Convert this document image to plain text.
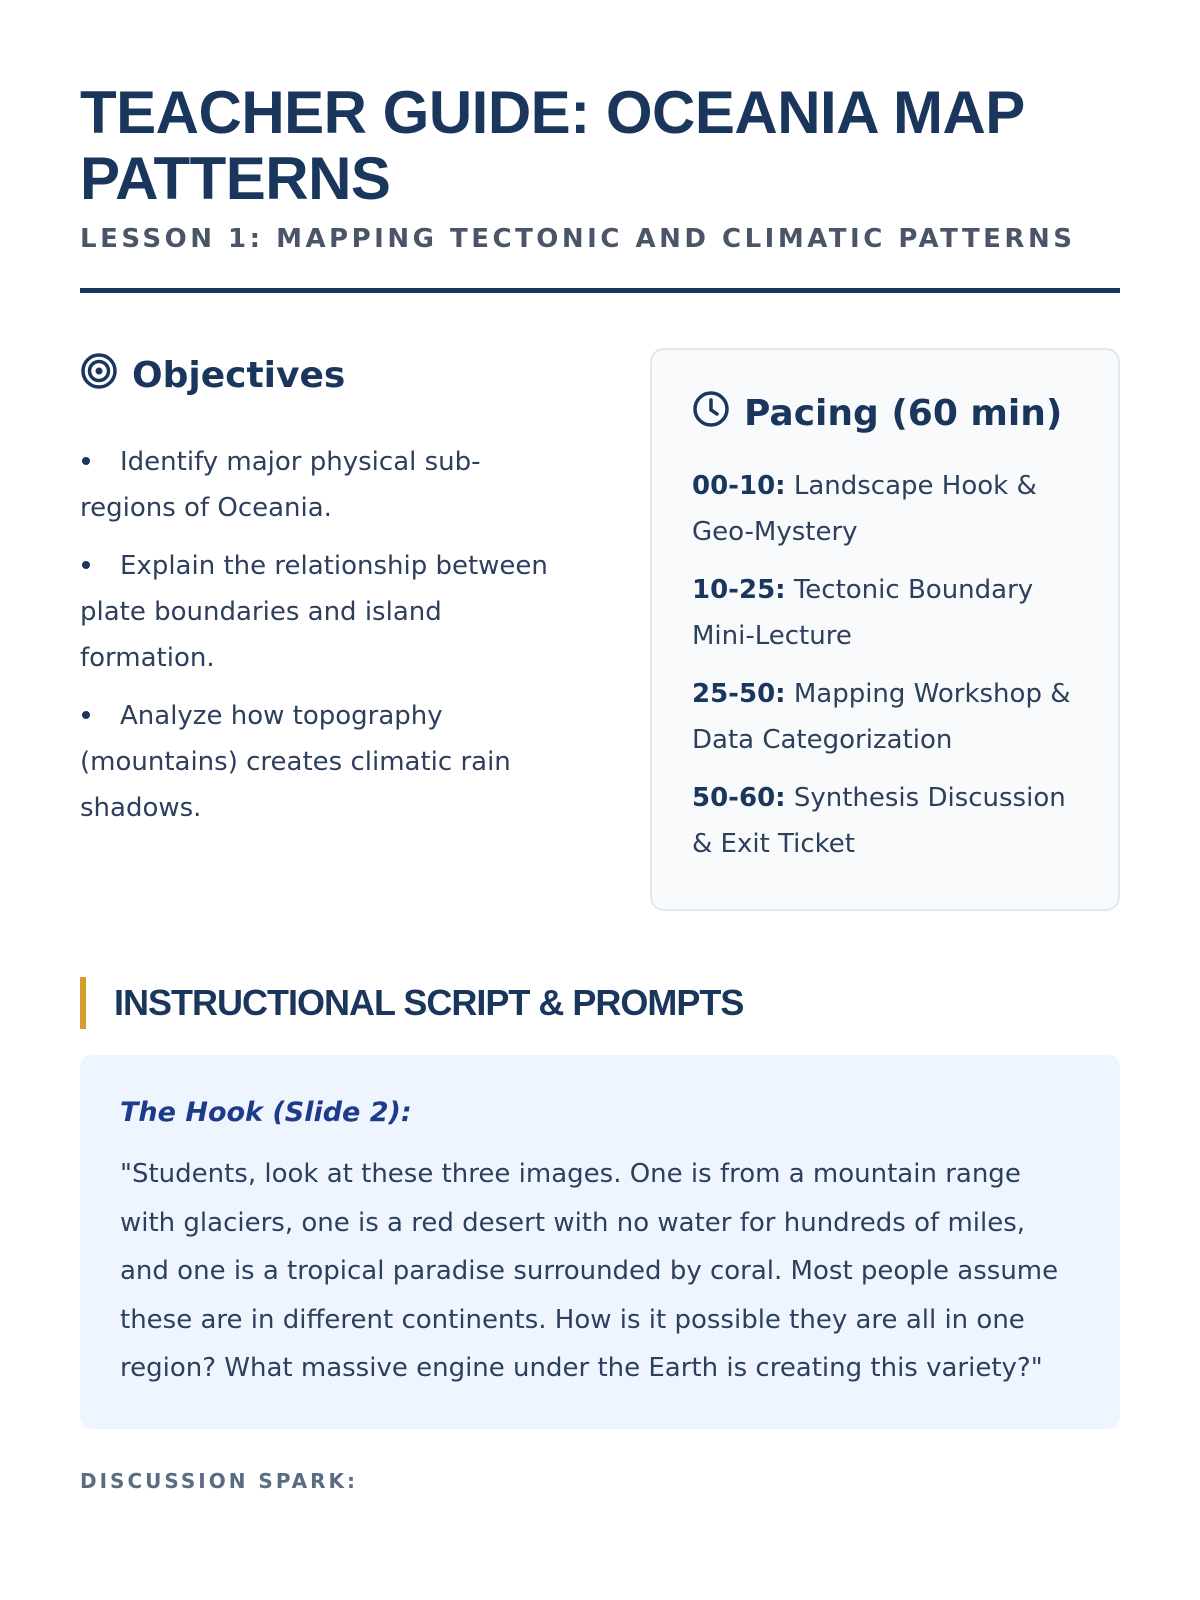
TEACHER GUIDE: OCEANIA MAP PATTERNS
LESSON 1: MAPPING TECTONIC AND CLIMATIC PATTERNS
Objectives
Identify major physical sub-regions of Oceania.
Explain the relationship between plate boundaries and island formation.
Analyze how topography (mountains) creates climatic rain shadows.
Pacing (60 min)
00-10: Landscape Hook & Geo-Mystery
10-25: Tectonic Boundary Mini-Lecture
25-50: Mapping Workshop & Data Categorization
50-60: Synthesis Discussion & Exit Ticket
INSTRUCTIONAL SCRIPT & PROMPTS
The Hook (Slide 2):
"Students, look at these three images. One is from a mountain range with glaciers, one is a red desert with no water for hundreds of miles, and one is a tropical paradise surrounded by coral. Most people assume these are in different continents. How is it possible they are all in one region? What massive engine under the Earth is creating this variety?"
DISCUSSION SPARK:
